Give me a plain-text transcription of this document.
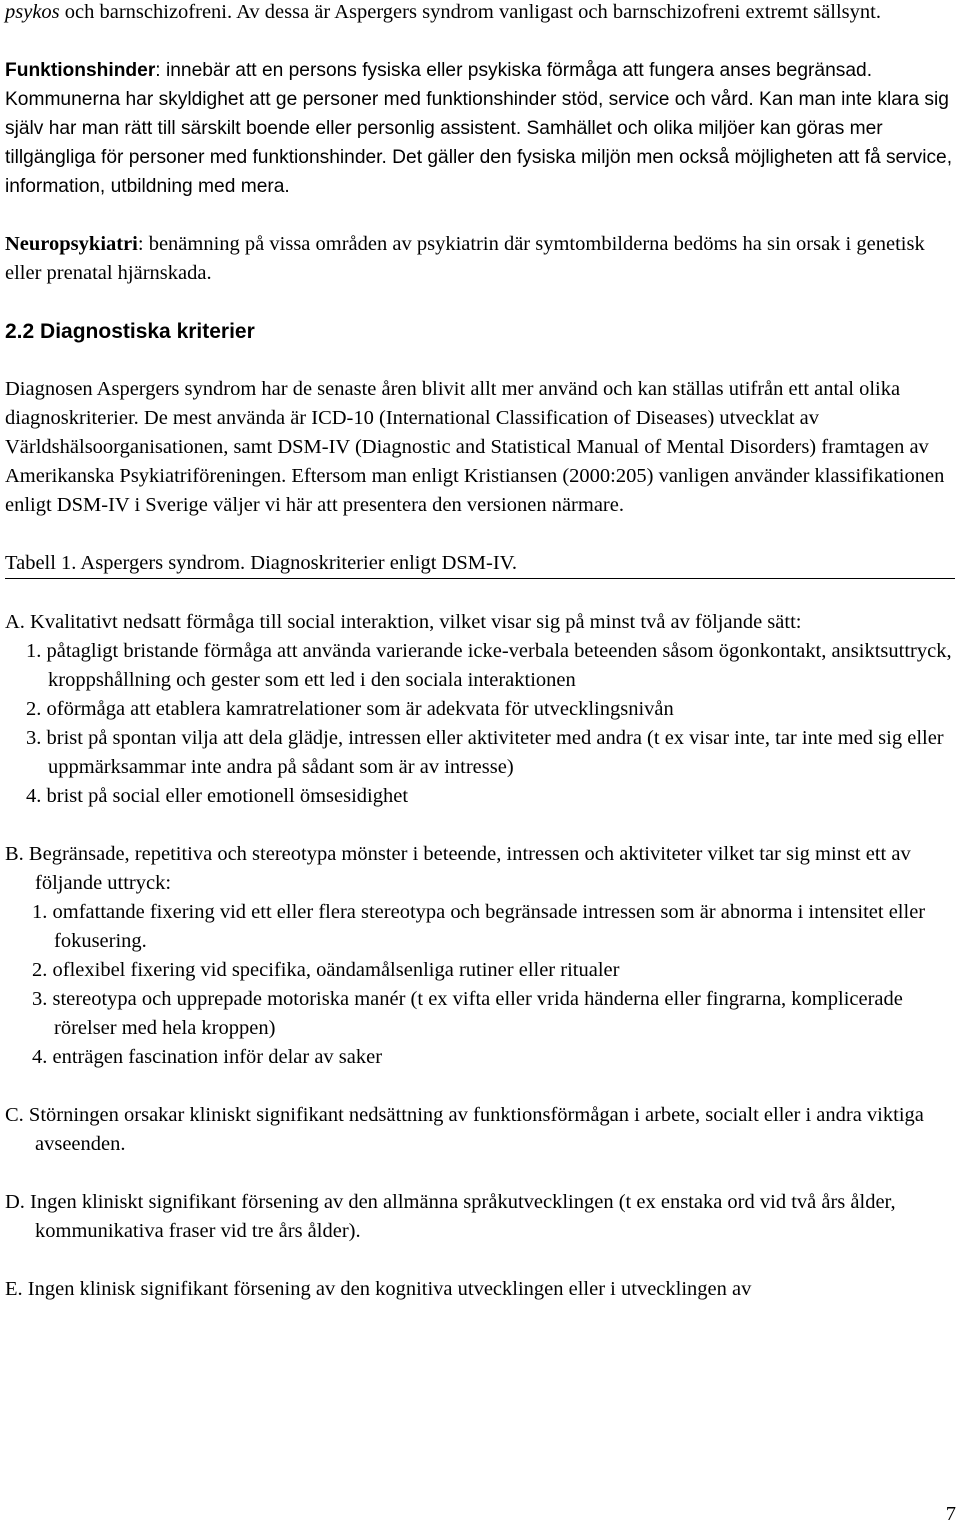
psykos och barnschizofreni. Av dessa är Aspergers syndrom vanligast och barnschizofreni extremt sällsynt.

Funktionshinder: innebär att en persons fysiska eller psykiska förmåga att fungera anses begränsad. Kommunerna har skyldighet att ge personer med funktionshinder stöd, service och vård. Kan man inte klara sig själv har man rätt till särskilt boende eller personlig assistent. Samhället och olika miljöer kan göras mer tillgängliga för personer med funktionshinder. Det gäller den fysiska miljön men också möjligheten att få service, information, utbildning med mera.

Neuropsykiatri: benämning på vissa områden av psykiatrin där symtombilderna bedöms ha sin orsak i genetisk eller prenatal hjärnskada.

2.2 Diagnostiska kriterier

Diagnosen Aspergers syndrom har de senaste åren blivit allt mer använd och kan ställas utifrån ett antal olika diagnoskriterier. De mest använda är ICD-10 (International Classification of Diseases) utvecklat av Världshälsoorganisationen, samt DSM-IV (Diagnostic and Statistical Manual of Mental Disorders) framtagen av Amerikanska Psykiatriföreningen. Eftersom man enligt Kristiansen (2000:205) vanligen använder klassifikationen enligt DSM-IV i Sverige väljer vi här att presentera den versionen närmare.

Tabell 1. Aspergers syndrom. Diagnoskriterier enligt DSM-IV.

A. Kvalitativt nedsatt förmåga till social interaktion, vilket visar sig på minst två av följande sätt:

1. påtagligt bristande förmåga att använda varierande icke-verbala beteenden såsom ögonkontakt, ansiktsuttryck, kroppshållning och gester som ett led i den sociala interaktionen
2. oförmåga att etablera kamratrelationer som är adekvata för utvecklingsnivån
3. brist på spontan vilja att dela glädje, intressen eller aktiviteter med andra (t ex visar inte, tar inte med sig eller uppmärksammar inte andra på sådant som är av intresse)
4. brist på social eller emotionell ömsesidighet

B. Begränsade, repetitiva och stereotypa mönster i beteende, intressen och aktiviteter vilket tar sig minst ett av följande uttryck:

1. omfattande fixering vid ett eller flera stereotypa och begränsade intressen som är abnorma i intensitet eller fokusering.
2. oflexibel fixering vid specifika, oändamålsenliga rutiner eller ritualer
3. stereotypa och upprepade motoriska manér (t ex vifta eller vrida händerna eller fingrarna, komplicerade rörelser med hela kroppen)
4. enträgen fascination inför delar av saker

C. Störningen orsakar kliniskt signifikant nedsättning av funktionsförmågan i arbete, socialt eller i andra viktiga avseenden.

D. Ingen kliniskt signifikant försening av den allmänna språkutvecklingen (t ex enstaka ord vid två års ålder, kommunikativa fraser vid tre års ålder).

E. Ingen klinisk signifikant försening av den kognitiva utvecklingen eller i utvecklingen av

7
